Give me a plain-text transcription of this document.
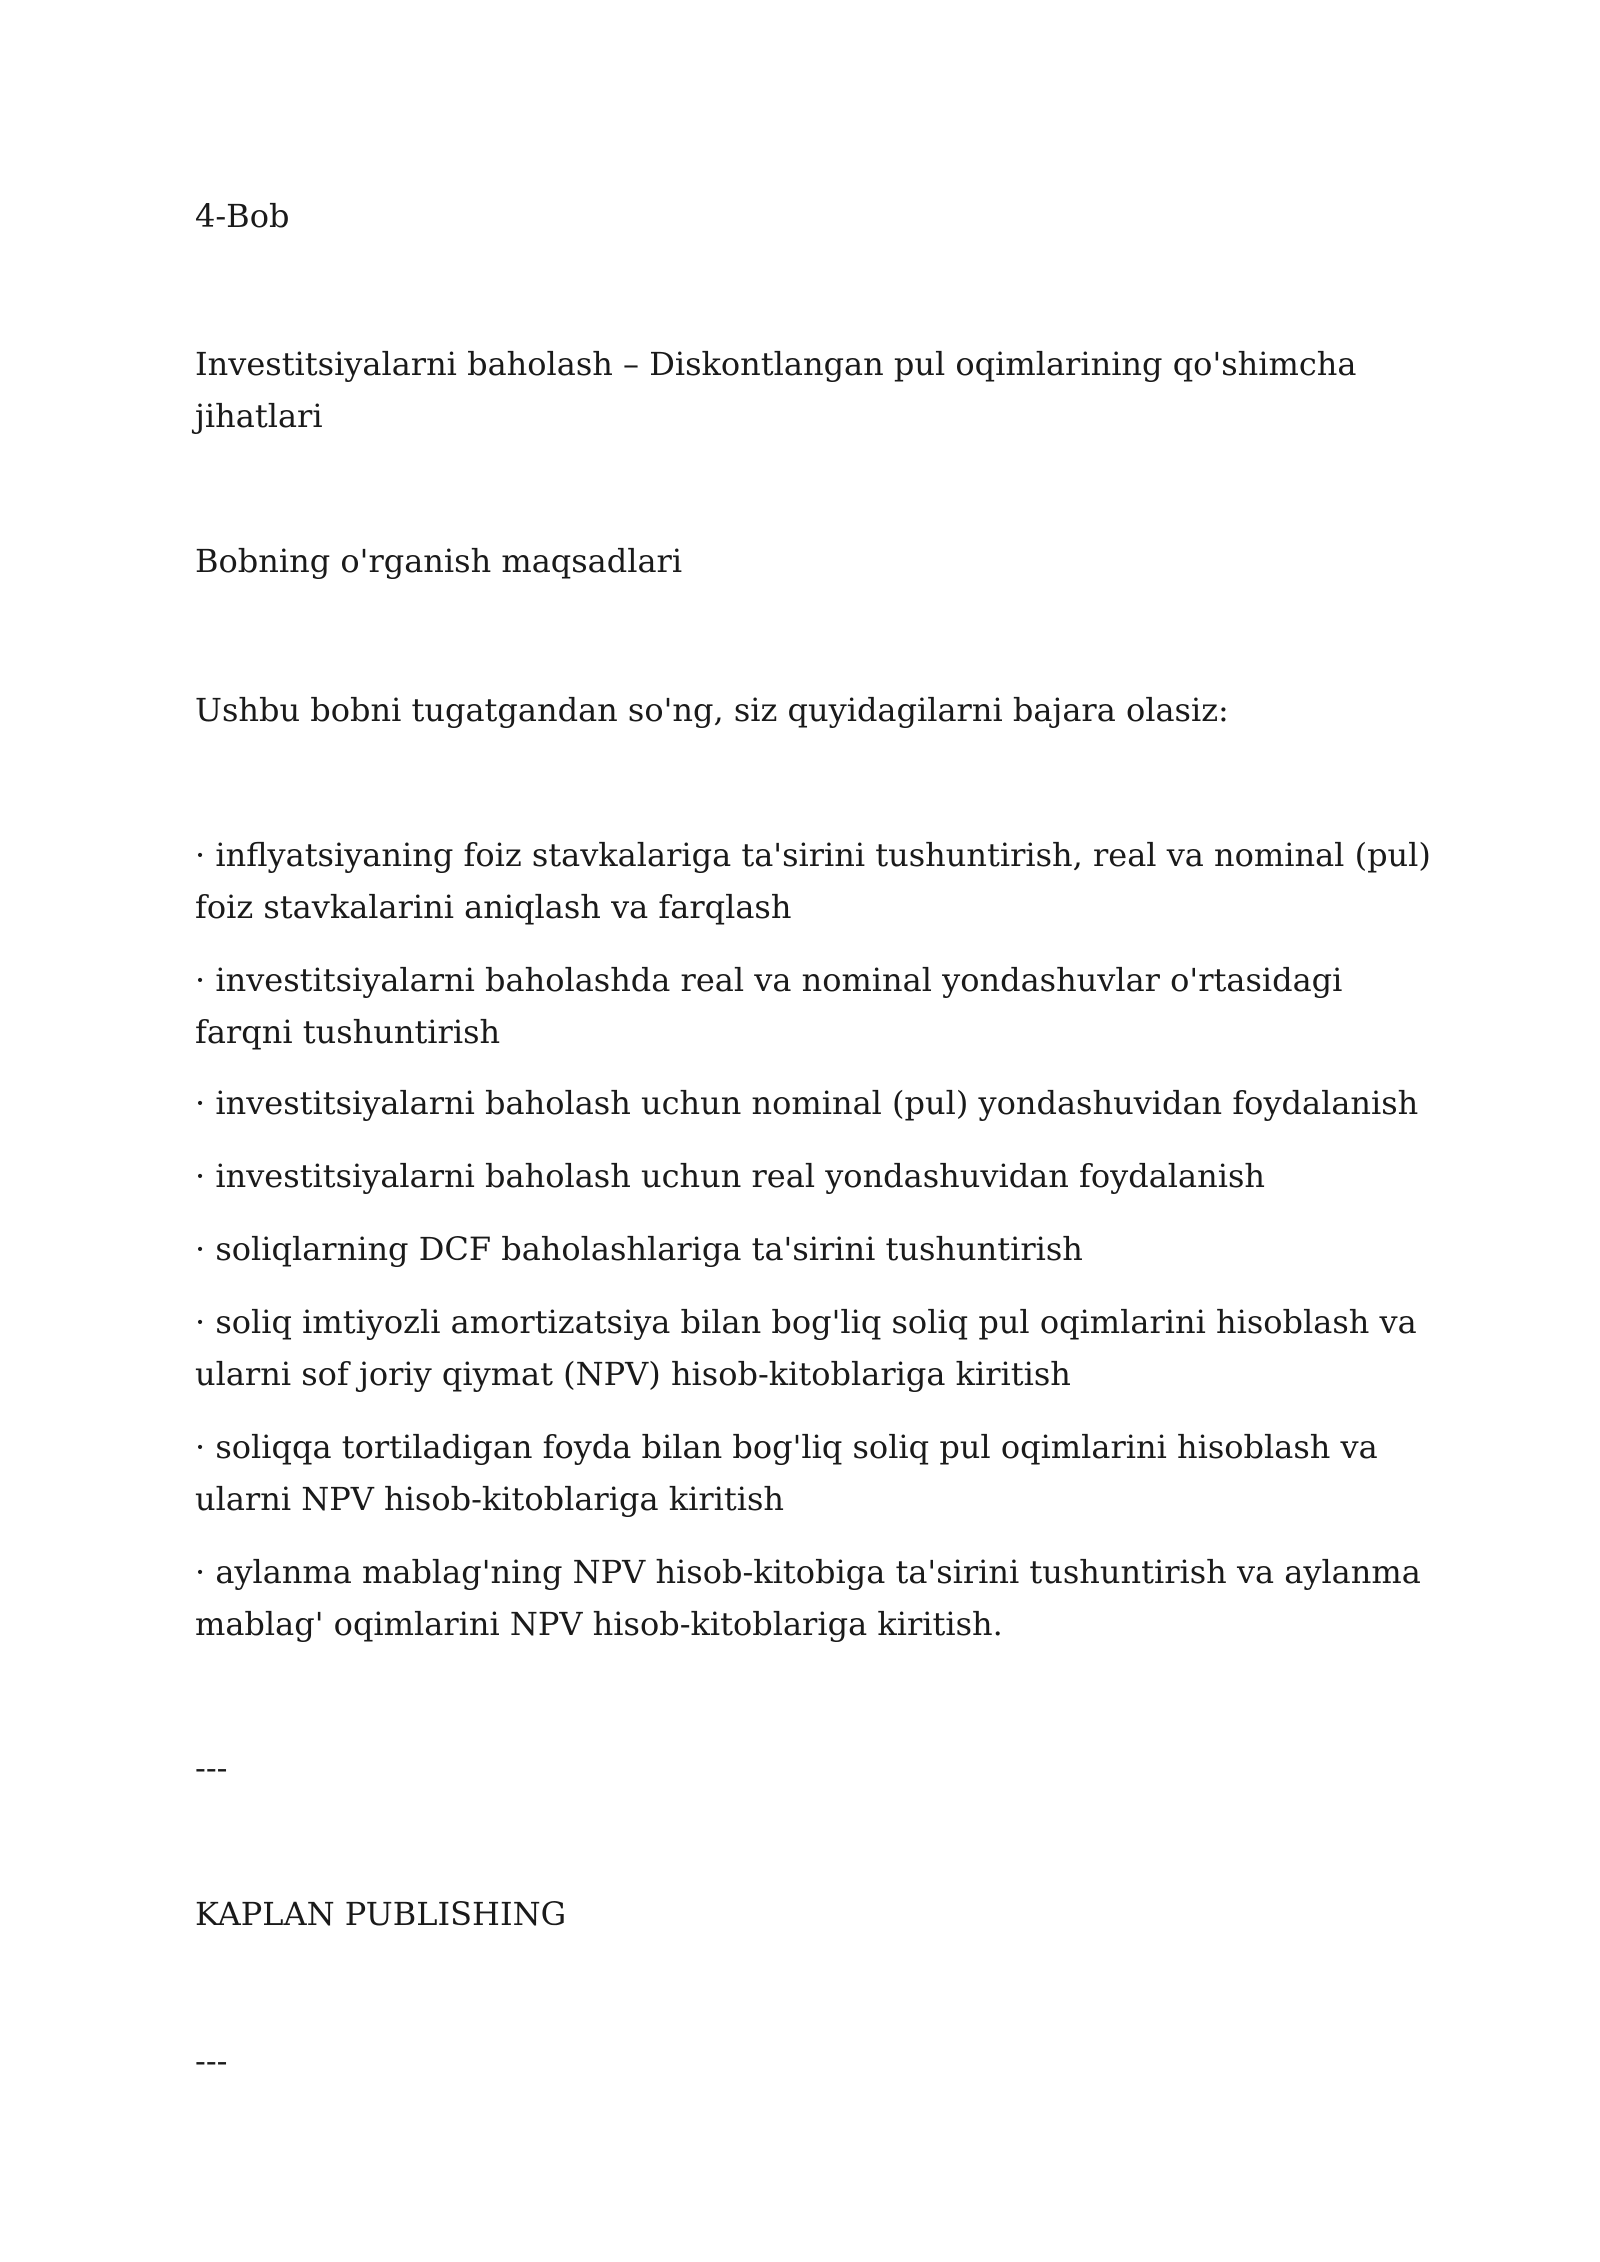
4-Bob

Investitsiyalarni baholash – Diskontlangan pul oqimlarining qo'shimcha jihatlari

Bobning o'rganish maqsadlari

Ushbu bobni tugatgandan so'ng, siz quyidagilarni bajara olasiz:

· inflyatsiyaning foiz stavkalariga ta'sirini tushuntirish, real va nominal (pul) foiz stavkalarini aniqlash va farqlash

· investitsiyalarni baholashda real va nominal yondashuvlar o'rtasidagi farqni tushuntirish

· investitsiyalarni baholash uchun nominal (pul) yondashuvidan foydalanish

· investitsiyalarni baholash uchun real yondashuvidan foydalanish

· soliqlarning DCF baholashlariga ta'sirini tushuntirish

· soliq imtiyozli amortizatsiya bilan bog'liq soliq pul oqimlarini hisoblash va ularni sof joriy qiymat (NPV) hisob-kitoblariga kiritish

· soliqqa tortiladigan foyda bilan bog'liq soliq pul oqimlarini hisoblash va ularni NPV hisob-kitoblariga kiritish

· aylanma mablag'ning NPV hisob-kitobiga ta'sirini tushuntirish va aylanma mablag' oqimlarini NPV hisob-kitoblariga kiritish.

---

KAPLAN PUBLISHING

---
